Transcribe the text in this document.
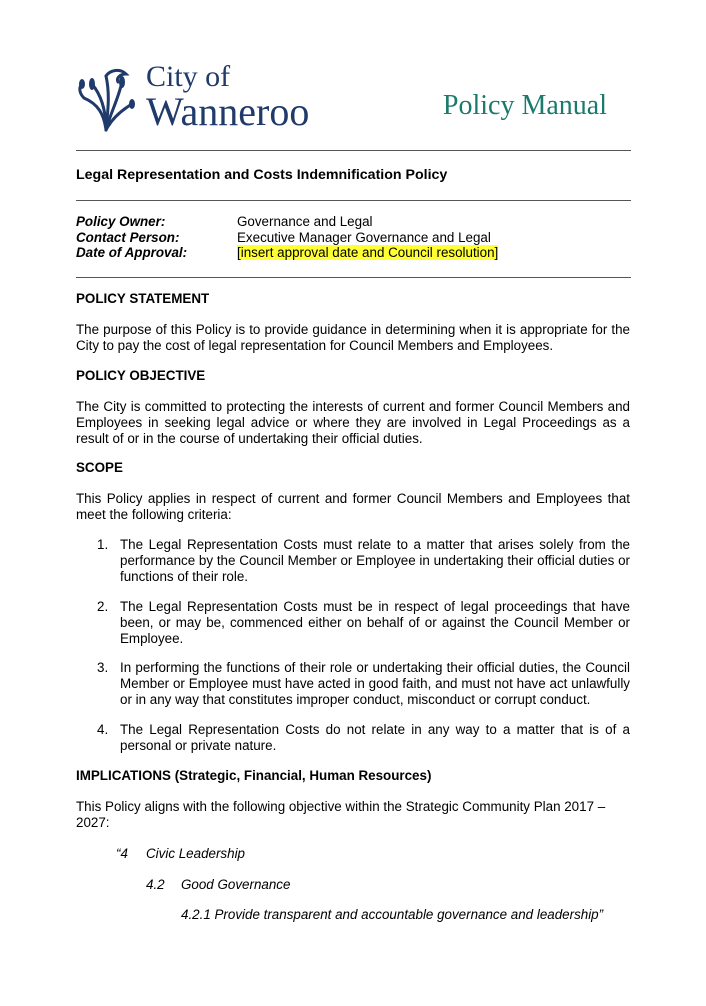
City of
Wanneroo	Policy Manual
Legal Representation and Costs Indemnification Policy
Policy Owner:	Governance and Legal
Contact Person:	Executive Manager Governance and Legal
Date of Approval:	[insert approval date and Council resolution]
POLICY STATEMENT
The purpose of this Policy is to provide guidance in determining when it is appropriate for the City to pay the cost of legal representation for Council Members and Employees.
POLICY OBJECTIVE
The City is committed to protecting the interests of current and former Council Members and Employees in seeking legal advice or where they are involved in Legal Proceedings as a result of or in the course of undertaking their official duties.
SCOPE
This Policy applies in respect of current and former Council Members and Employees that meet the following criteria:
1. The Legal Representation Costs must relate to a matter that arises solely from the performance by the Council Member or Employee in undertaking their official duties or functions of their role.
2. The Legal Representation Costs must be in respect of legal proceedings that have been, or may be, commenced either on behalf of or against the Council Member or Employee.
3. In performing the functions of their role or undertaking their official duties, the Council Member or Employee must have acted in good faith, and must not have act unlawfully or in any way that constitutes improper conduct, misconduct or corrupt conduct.
4. The Legal Representation Costs do not relate in any way to a matter that is of a personal or private nature.
IMPLICATIONS (Strategic, Financial, Human Resources)
This Policy aligns with the following objective within the Strategic Community Plan 2017 – 2027:
“4 Civic Leadership
4.2 Good Governance
4.2.1 Provide transparent and accountable governance and leadership”
